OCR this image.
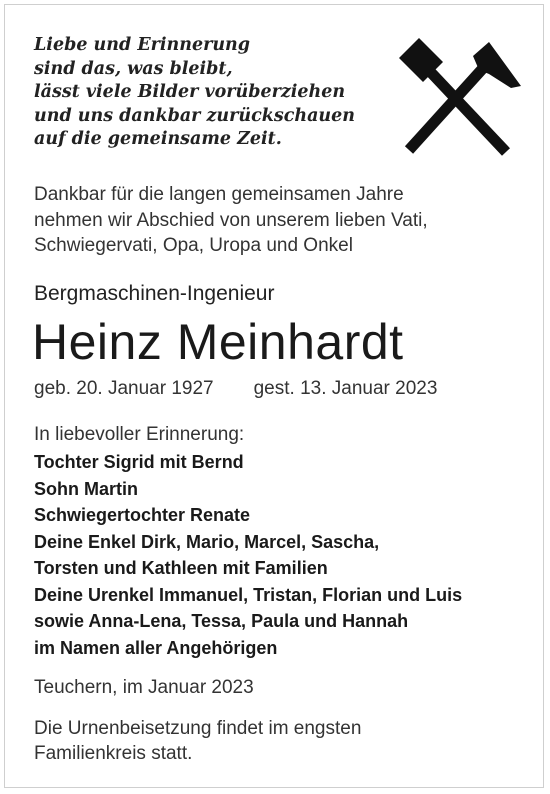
Liebe und Erinnerung
sind das, was bleibt,
lässt viele Bilder vorüberziehen
und uns dankbar zurückschauen
auf die gemeinsame Zeit.
Dankbar für die langen gemeinsamen Jahre
nehmen wir Abschied von unserem lieben Vati,
Schwiegervati, Opa, Uropa und Onkel
Bergmaschinen-Ingenieur
Heinz Meinhardt
geb. 20. Januar 1927 gest. 13. Januar 2023
In liebevoller Erinnerung:
Tochter Sigrid mit Bernd
Sohn Martin
Schwiegertochter Renate
Deine Enkel Dirk, Mario, Marcel, Sascha,
Torsten und Kathleen mit Familien
Deine Urenkel Immanuel, Tristan, Florian und Luis
sowie Anna-Lena, Tessa, Paula und Hannah
im Namen aller Angehörigen
Teuchern, im Januar 2023
Die Urnenbeisetzung findet im engsten
Familienkreis statt.
